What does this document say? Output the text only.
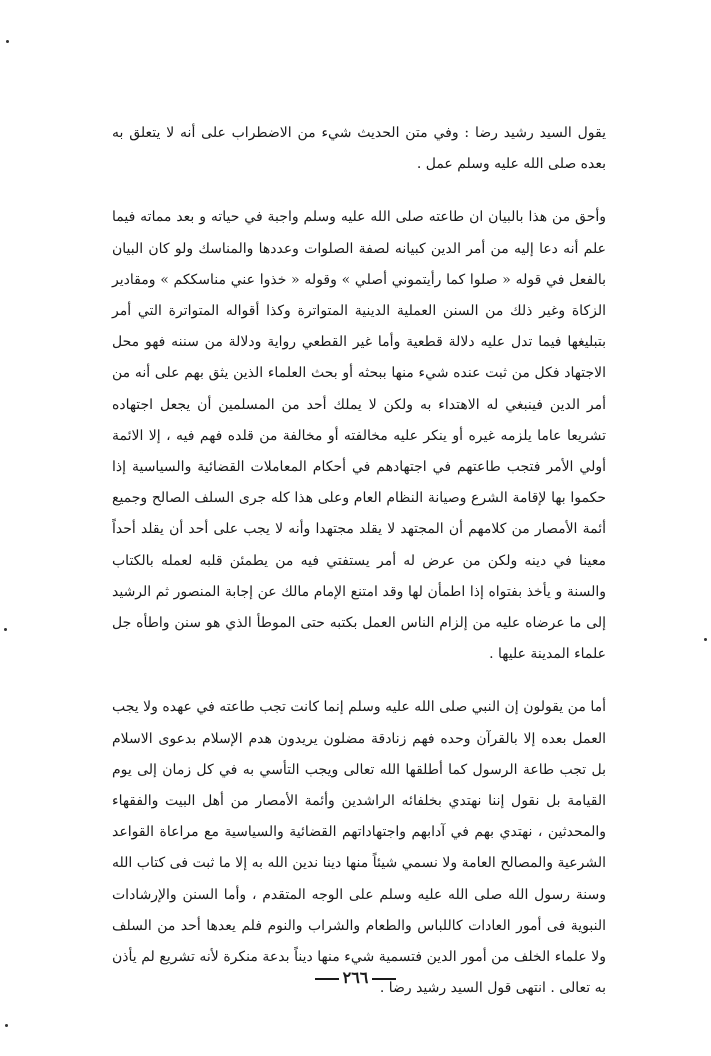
يقول السيد رشيد رضا : وفي متن الحديث شيء من الاضطراب على أنه لا يتعلق به بعده صلى الله عليه وسلم عمل .

وأحق من هذا بالبيان ان طاعته صلى الله عليه وسلم واجبة في حياته و بعد مماته فيما علم أنه دعا إليه من أمر الدين كبيانه لصفة الصلوات وعددها والمناسك ولو كان البيان بالفعل في قوله « صلوا كما رأيتموني أصلي » وقوله « خذوا عني مناسككم » ومقادير الزكاة وغير ذلك من السنن العملية الدينية المتواترة وكذا أقواله المتواترة التي أمر بتبليغها فيما تدل عليه دلالة قطعية وأما غير القطعي رواية ودلالة من سننه فهو محل الاجتهاد فكل من ثبت عنده شيء منها ببحثه أو بحث العلماء الذين يثق بهم على أنه من أمر الدين فينبغي له الاهتداء به ولكن لا يملك أحد من المسلمين أن يجعل اجتهاده تشريعا عاما يلزمه غيره أو ينكر عليه مخالفته أو مخالفة من قلده فهم فيه ، إلا الائمة أولي الأمر فتجب طاعتهم في اجتهادهم في أحكام المعاملات القضائية والسياسية إذا حكموا بها لإقامة الشرع وصيانة النظام العام وعلى هذا كله جرى السلف الصالح وجميع أئمة الأمصار من كلامهم أن المجتهد لا يقلد مجتهدا وأنه لا يجب على أحد أن يقلد أحداً معينا في دينه ولكن من عرض له أمر يستفتي فيه من يطمئن قلبه لعمله بالكتاب والسنة و يأخذ بفتواه إذا اطمأن لها وقد امتنع الإمام مالك عن إجابة المنصور ثم الرشيد إلى ما عرضاه عليه من إلزام الناس العمل بكتبه حتى الموطأ الذي هو سنن واطأه جل علماء المدينة عليها .

أما من يقولون إن النبي صلى الله عليه وسلم إنما كانت تجب طاعته في عهده ولا يجب العمل بعده إلا بالقرآن وحده فهم زنادقة مضلون يريدون هدم الإسلام بدعوى الاسلام بل تجب طاعة الرسول كما أطلقها الله تعالى ويجب التأسي به في كل زمان إلى يوم القيامة بل نقول إننا نهتدي بخلفائه الراشدين وأئمة الأمصار من أهل البيت والفقهاء والمحدثين ، نهتدي بهم في آدابهم واجتهاداتهم القضائية والسياسية مع مراعاة القواعد الشرعية والمصالح العامة ولا نسمي شيئاً منها دينا ندين الله به إلا ما ثبت فى كتاب الله وسنة رسول الله صلى الله عليه وسلم على الوجه المتقدم ، وأما السنن والإرشادات النبوية فى أمور العادات كاللباس والطعام والشراب والنوم فلم يعدها أحد من السلف ولا علماء الخلف من أمور الدين فتسمية شيء منها ديناً بدعة منكرة لأنه تشريع لم يأذن به تعالى . انتهى قول السيد رشيد رضا .

٢٦٦
